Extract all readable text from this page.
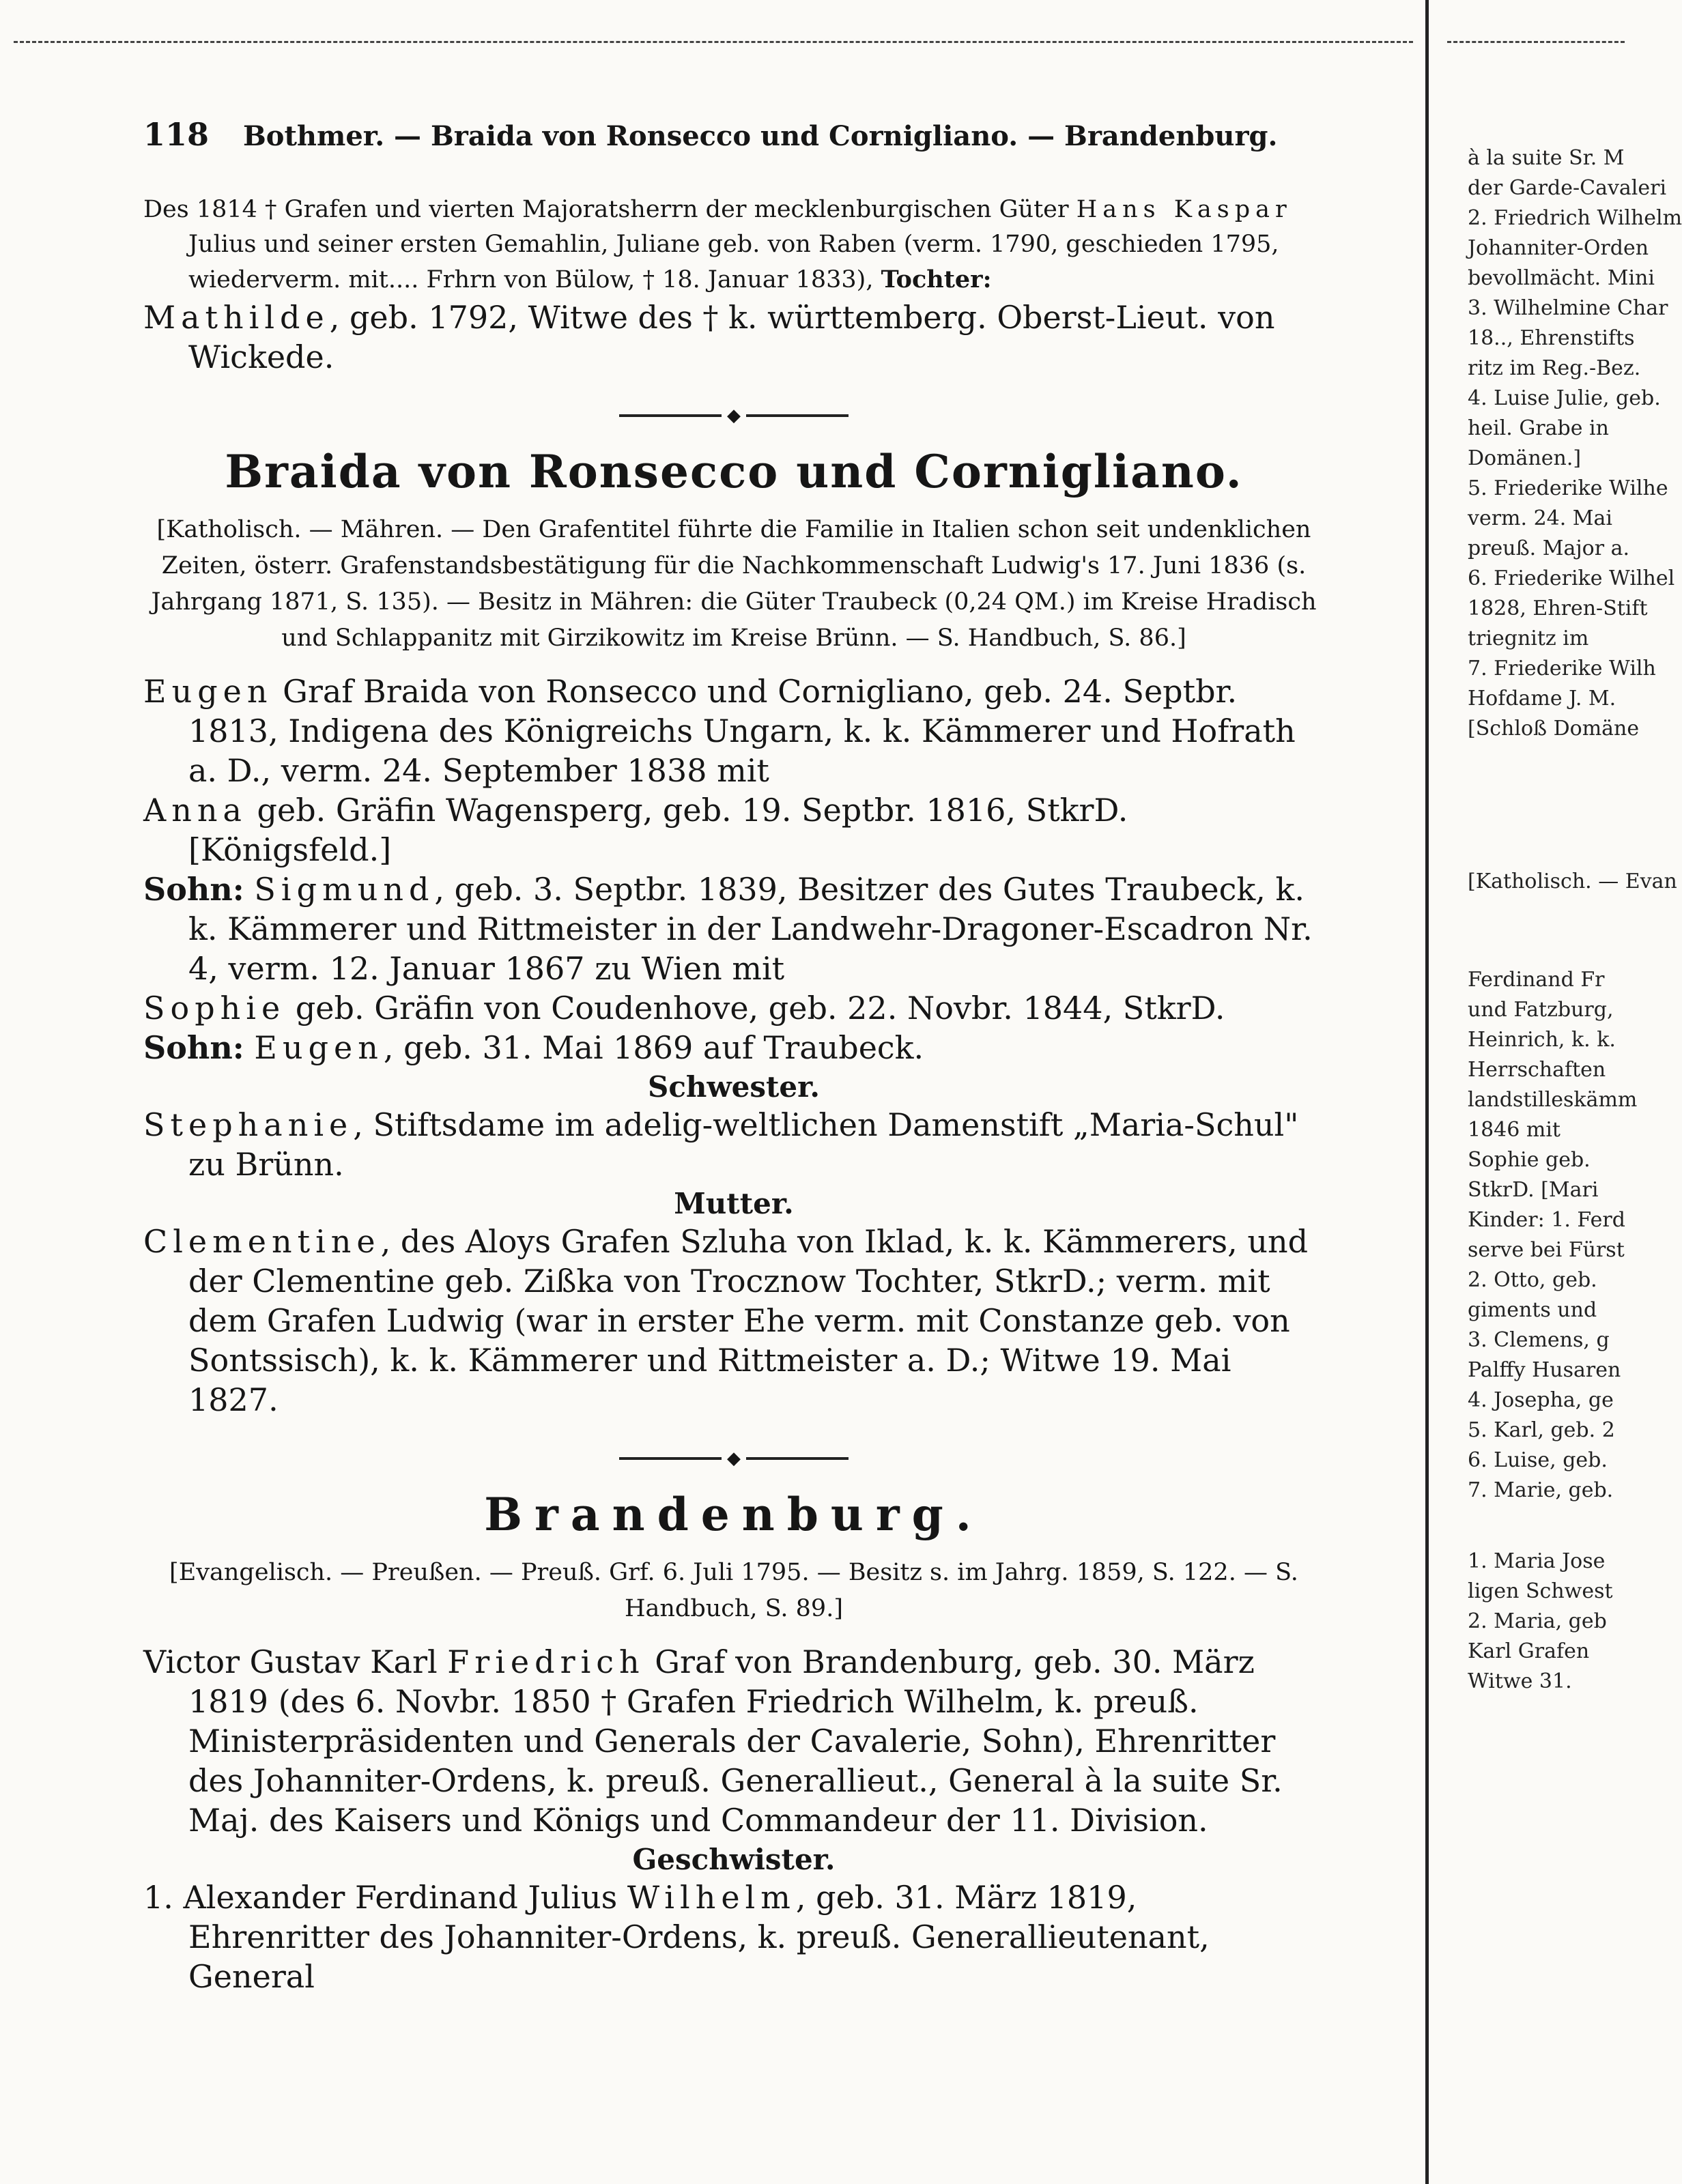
118 Bothmer. — Braida von Ronsecco und Cornigliano. — Brandenburg.

Des 1814 † Grafen und vierten Majoratsherrn der mecklenburgischen Güter Hans Kaspar Julius und seiner ersten Gemahlin, Juliane geb. von Raben (verm. 1790, geschieden 1795, wiederverm. mit.... Frhrn von Bülow, † 18. Januar 1833), Tochter:

Mathilde, geb. 1792, Witwe des † k. württemberg. Oberst-Lieut. von Wickede.

◆
Braida von Ronsecco und Cornigliano.

[Katholisch. — Mähren. — Den Grafentitel führte die Familie in Italien schon seit undenklichen Zeiten, österr. Grafenstandsbestätigung für die Nachkommenschaft Ludwig's 17. Juni 1836 (s. Jahrgang 1871, S. 135). — Besitz in Mähren: die Güter Traubeck (0,24 QM.) im Kreise Hradisch und Schlappanitz mit Girzikowitz im Kreise Brünn. — S. Handbuch, S. 86.]

Eugen Graf Braida von Ronsecco und Cornigliano, geb. 24. Septbr. 1813, Indigena des Königreichs Ungarn, k. k. Kämmerer und Hofrath a. D., verm. 24. September 1838 mit

Anna geb. Gräfin Wagensperg, geb. 19. Septbr. 1816, StkrD. [Königsfeld.]

Sohn: Sigmund, geb. 3. Septbr. 1839, Besitzer des Gutes Traubeck, k. k. Kämmerer und Rittmeister in der Landwehr-Dragoner-Escadron Nr. 4, verm. 12. Januar 1867 zu Wien mit

Sophie geb. Gräfin von Coudenhove, geb. 22. Novbr. 1844, StkrD.

Sohn: Eugen, geb. 31. Mai 1869 auf Traubeck.

Schwester.

Stephanie, Stiftsdame im adelig-weltlichen Damenstift „Maria-Schul" zu Brünn.

Mutter.

Clementine, des Aloys Grafen Szluha von Iklad, k. k. Kämmerers, und der Clementine geb. Zißka von Trocznow Tochter, StkrD.; verm. mit dem Grafen Ludwig (war in erster Ehe verm. mit Constanze geb. von Sontssisch), k. k. Kämmerer und Rittmeister a. D.; Witwe 19. Mai 1827.

◆
Brandenburg.

[Evangelisch. — Preußen. — Preuß. Grf. 6. Juli 1795. — Besitz s. im Jahrg. 1859, S. 122. — S. Handbuch, S. 89.]

Victor Gustav Karl Friedrich Graf von Brandenburg, geb. 30. März 1819 (des 6. Novbr. 1850 † Grafen Friedrich Wilhelm, k. preuß. Ministerpräsidenten und Generals der Cavalerie, Sohn), Ehrenritter des Johanniter-Ordens, k. preuß. Generallieut., General à la suite Sr. Maj. des Kaisers und Königs und Commandeur der 11. Division.

Geschwister.

1. Alexander Ferdinand Julius Wilhelm, geb. 31. März 1819, Ehrenritter des Johanniter-Ordens, k. preuß. Generallieutenant, General

à la suite Sr. M
der Garde-Cavaleri
2. Friedrich Wilhelm
Johanniter-Orden
bevollmächt. Mini
3. Wilhelmine Char
18.., Ehrenstifts
ritz im Reg.-Bez.
4. Luise Julie, geb.
heil. Grabe in
Domänen.]
5. Friederike Wilhe
verm. 24. Mai
preuß. Major a.
6. Friederike Wilhel
1828, Ehren-Stift
triegnitz im
7. Friederike Wilh
Hofdame J. M.
[Schloß Domäne
[Katholisch. — Evan
Ferdinand Fr
und Fatzburg,
Heinrich, k. k.
Herrschaften
landstilleskämm
1846 mit
Sophie geb.
StkrD. [Mari
Kinder: 1. Ferd
serve bei Fürst
2. Otto, geb.
giments und
3. Clemens, g
Palffy Husaren
4. Josepha, ge
5. Karl, geb. 2
6. Luise, geb.
7. Marie, geb.
1. Maria Jose
ligen Schwest
2. Maria, geb
Karl Grafen
Witwe 31.
